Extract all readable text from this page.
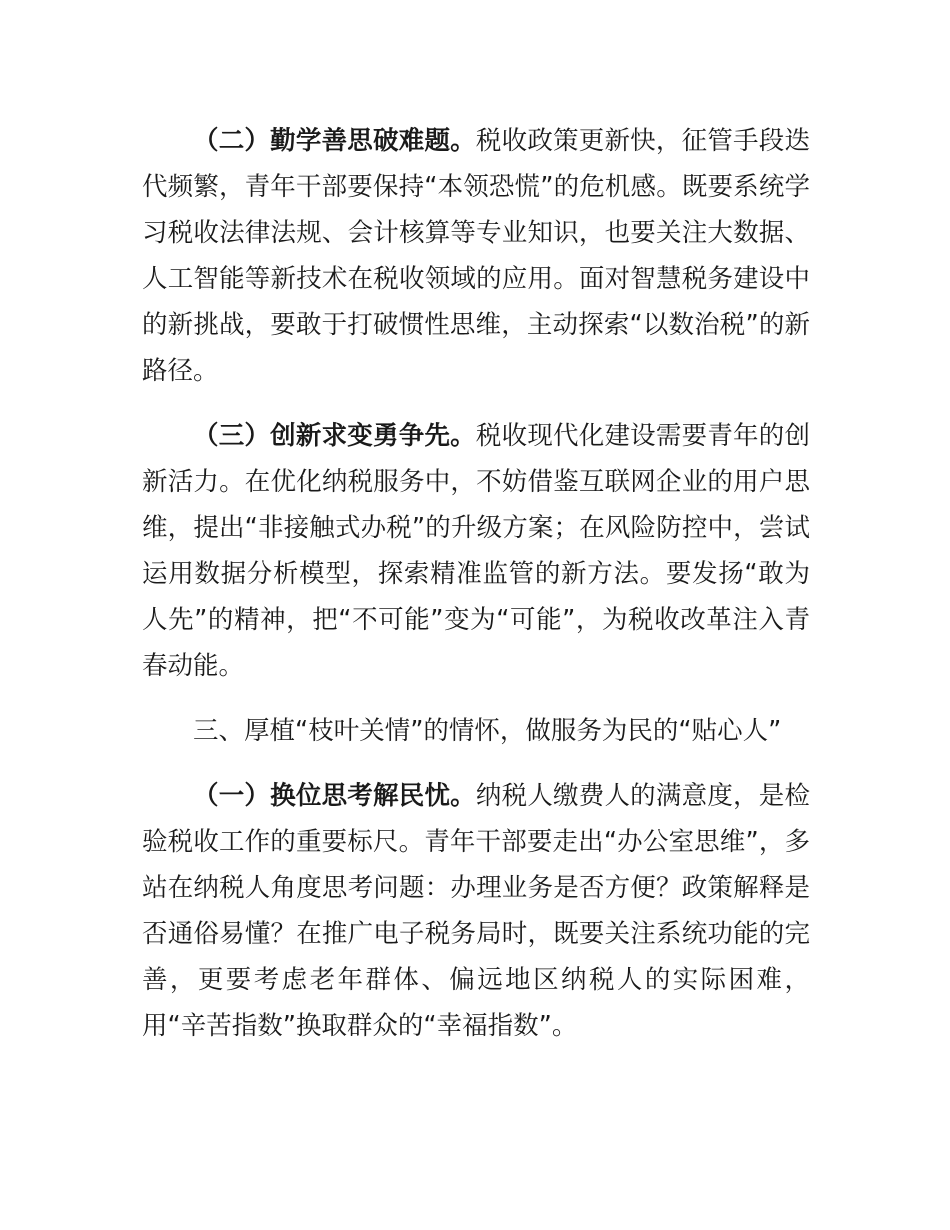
（二）勤学善思破难题。税收政策更新快，征管手段迭代频繁，青年干部要保持“本领恐慌”的危机感。既要系统学习税收法律法规、会计核算等专业知识，也要关注大数据、人工智能等新技术在税收领域的应用。面对智慧税务建设中的新挑战，要敢于打破惯性思维，主动探索“以数治税”的新路径。

（三）创新求变勇争先。税收现代化建设需要青年的创新活力。在优化纳税服务中，不妨借鉴互联网企业的用户思维，提出“非接触式办税”的升级方案；在风险防控中，尝试运用数据分析模型，探索精准监管的新方法。要发扬“敢为人先”的精神，把“不可能”变为“可能”，为税收改革注入青春动能。

三、厚植“枝叶关情”的情怀，做服务为民的“贴心人”

（一）换位思考解民忧。纳税人缴费人的满意度，是检验税收工作的重要标尺。青年干部要走出“办公室思维”，多站在纳税人角度思考问题：办理业务是否方便？政策解释是否通俗易懂？在推广电子税务局时，既要关注系统功能的完善，更要考虑老年群体、偏远地区纳税人的实际困难，用“辛苦指数”换取群众的“幸福指数”。
